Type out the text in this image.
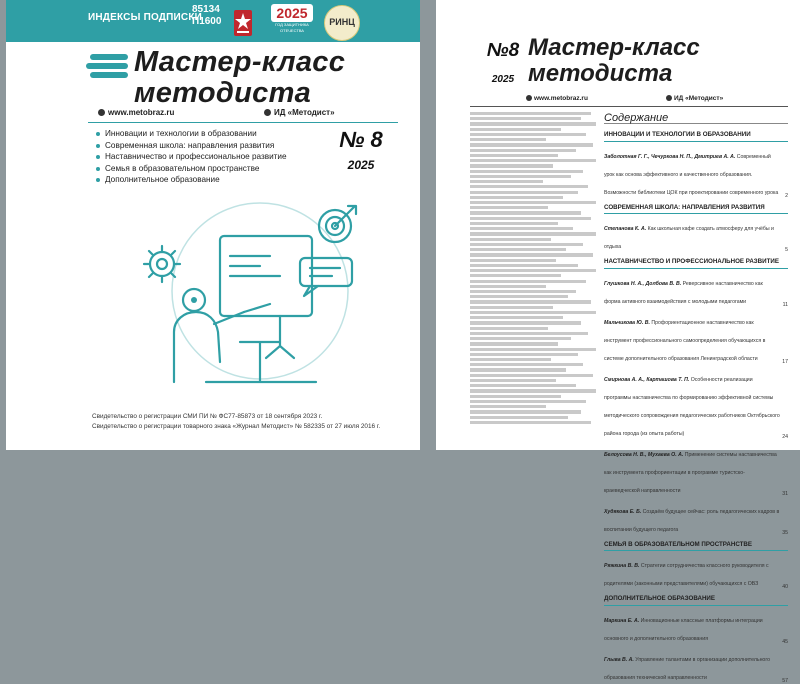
ИНДЕКСЫ ПОДПИСКИ
85134
П1600
2025
ГОД ЗАЩИТНИКА ОТЕЧЕСТВА
РИНЦ
Мастер-класс
методиста
www.metobraz.ru	ИД «Методист»
Инновации и технологии в образовании
Современная школа: направления развития
Наставничество и профессиональное развитие
Семья в образовательном пространстве
Дополнительное образование
№ 8
2025
Свидетельство о регистрации СМИ ПИ № ФС77-85873 от 18 сентября 2023 г.
Свидетельство о регистрации товарного знака «Журнал Методист» № 582335 от 27 июля 2016 г.
№8
2025
Мастер-класс
методиста
www.metobraz.ru	ИД «Методист»
Содержание
ИННОВАЦИИ И ТЕХНОЛОГИИ В ОБРАЗОВАНИИ
Заболотная Г. Г., Чечуркова Н. П., Дмитриев А. А. Современный урок как основа эффективного и качественного образования. Возможности библиотеки ЦОК при проектировании современного урока 2
СОВРЕМЕННАЯ ШКОЛА: НАПРАВЛЕНИЯ РАЗВИТИЯ
Степанова К. А. Как школьная кафе создать атмосферу для учёбы и отдыха	5
НАСТАВНИЧЕСТВО И ПРОФЕССИОНАЛЬНОЕ РАЗВИТИЕ
Глушкова Н. А., Долбова В. В. Реверсивное наставничество как форма активного взаимодействия с молодыми педагогами	11
Мальчикова Ю. В. Профориентационное наставничество как инструмент профессионального самоопределения обучающихся в системе дополнительного образования Ленинградской области	17
Смирнова А. А., Карташова Т. П. Особенности реализации программы наставничества по формированию эффективной системы методического сопровождения педагогических работников Октябрьского района города (из опыта работы)	24
Белоусова Н. В., Мухаева О. А. Применение системы наставничества как инструмента профориентации в программе туристско-краеведческой направленности	31
Худякова Е. Б. Создаём будущее сейчас: роль педагогических кадров в воспитании будущего педагога	35
СЕМЬЯ В ОБРАЗОВАТЕЛЬНОМ ПРОСТРАНСТВЕ
Ряжкина В. В. Стратегии сотрудничества классного руководителя с родителями (законными представителями) обучающихся с ОВЗ	40
ДОПОЛНИТЕЛЬНОЕ ОБРАЗОВАНИЕ
Маркина Е. А. Инновационные классные платформы интеграции основного и дополнительного образования	45
Глыва В. А. Управление талантами в организации дополнительного образования технической направленности	57
